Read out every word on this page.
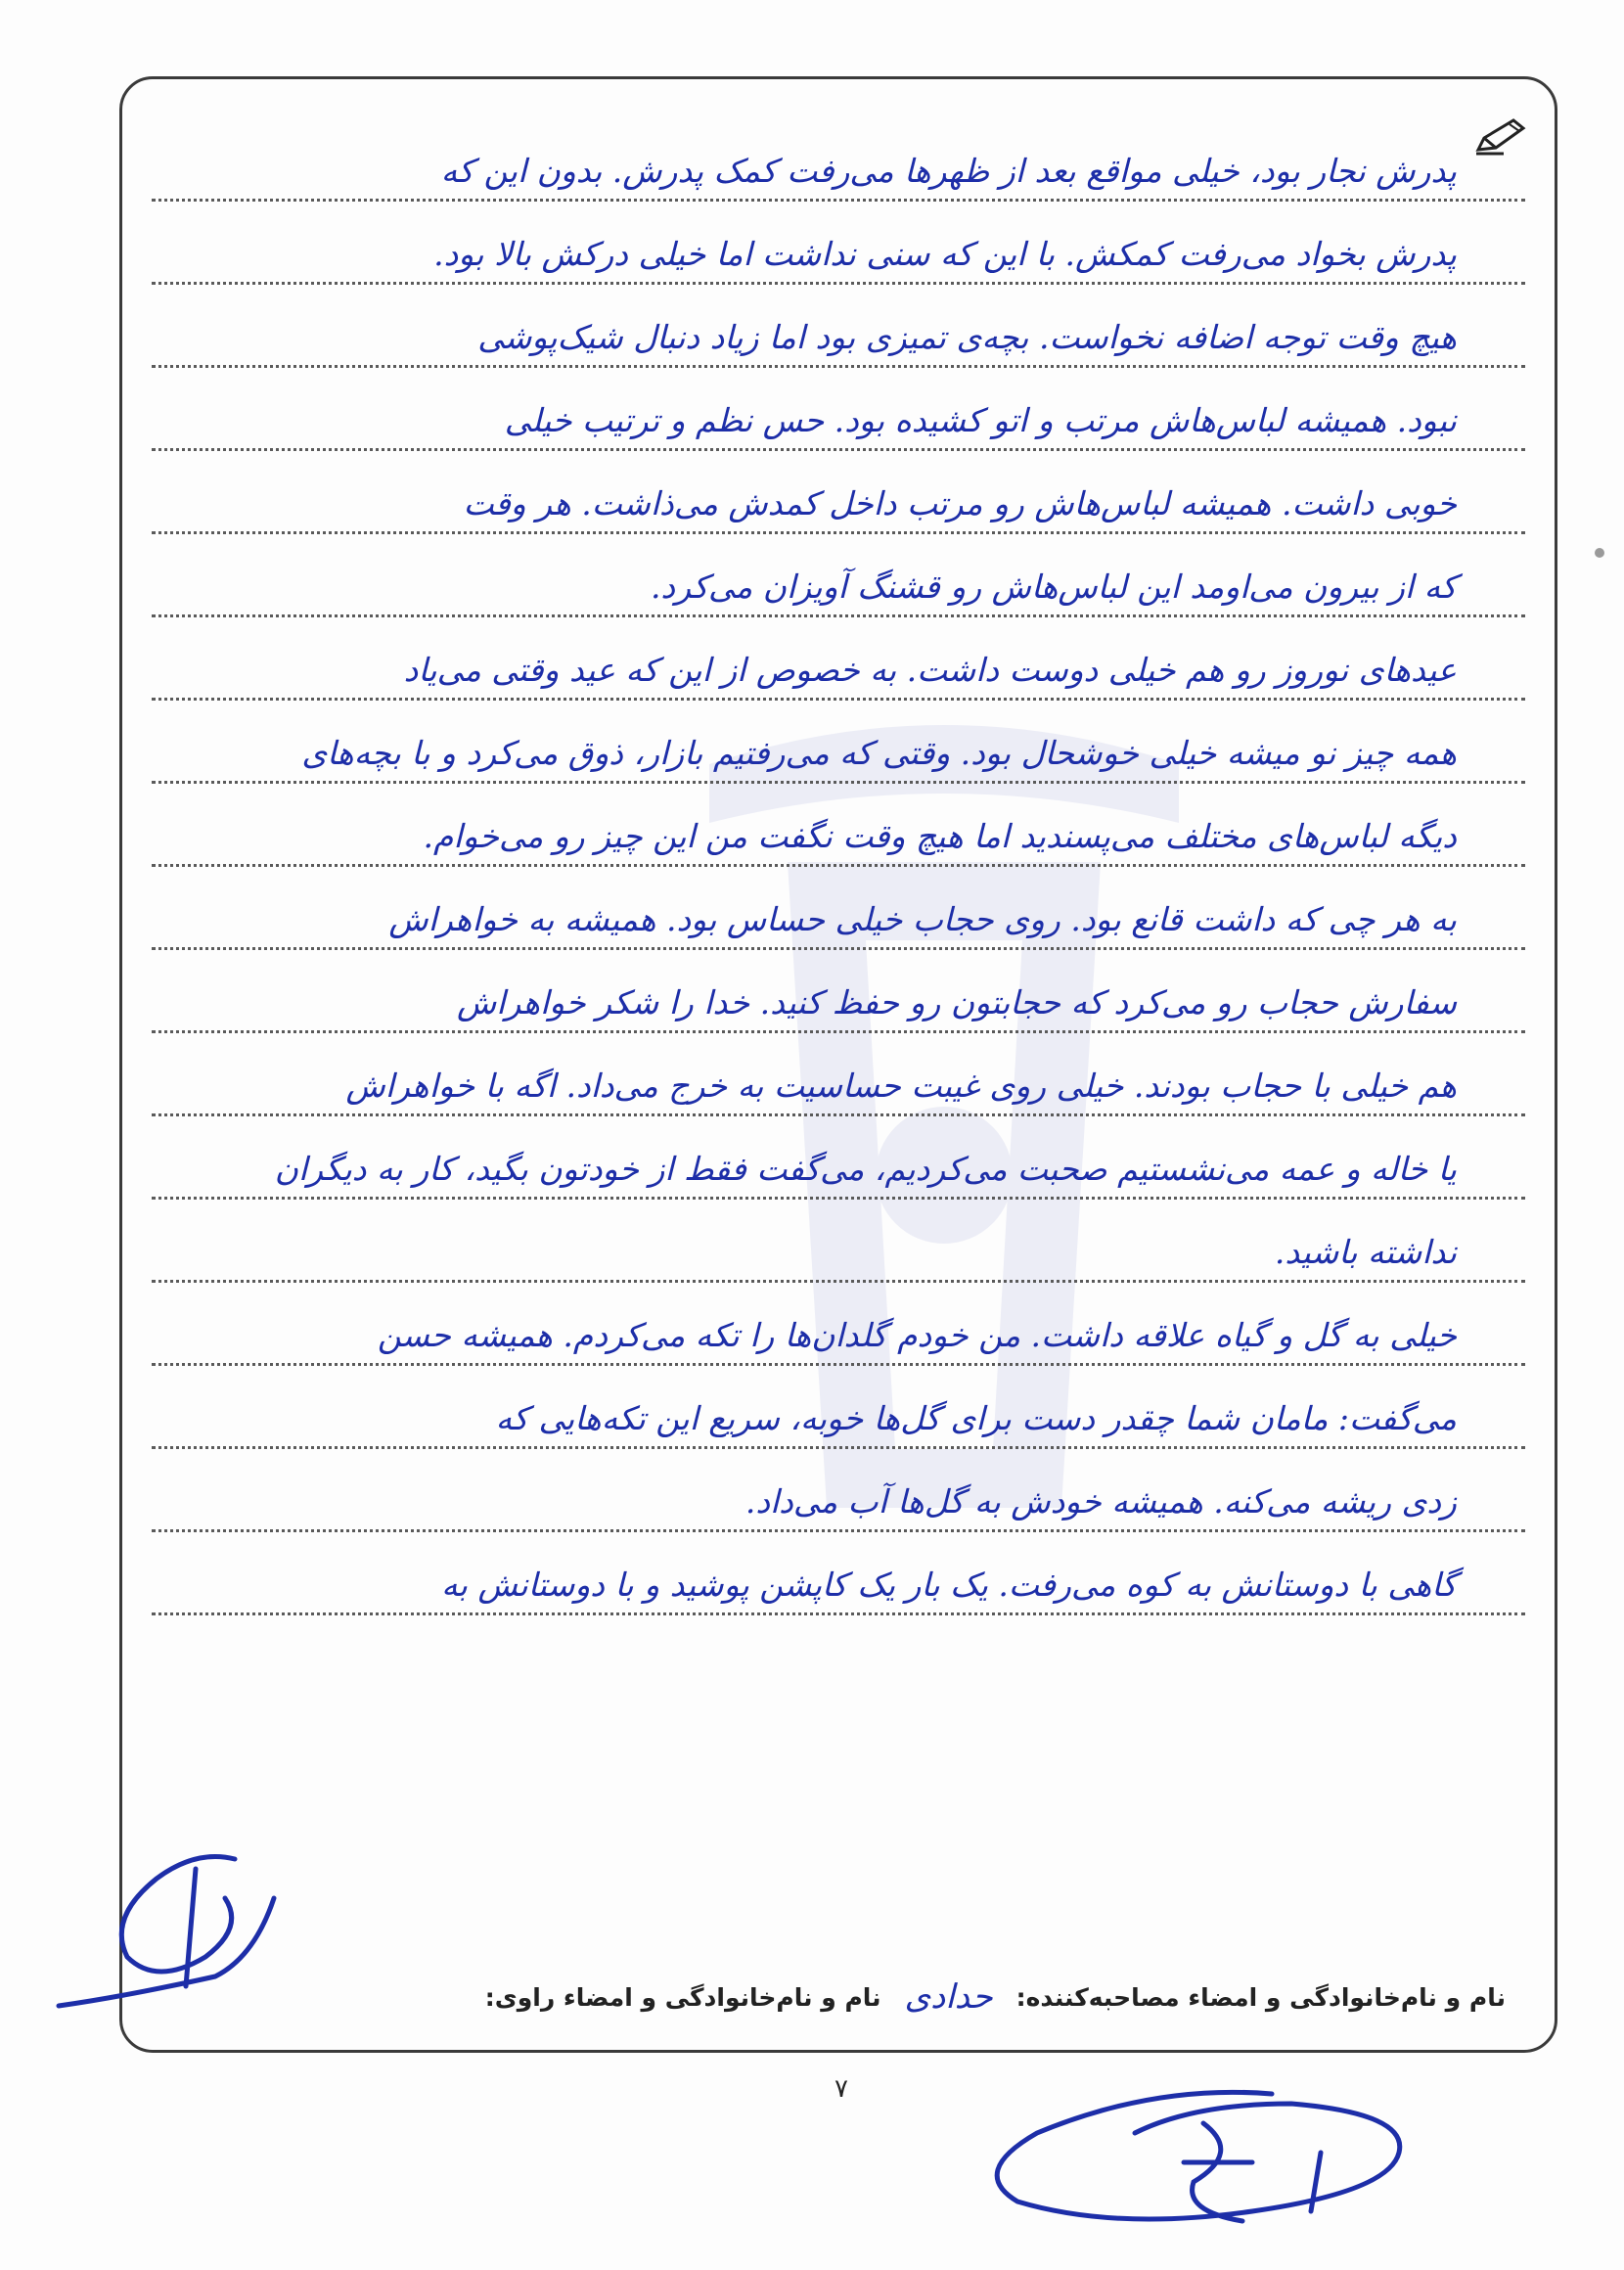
پدرش نجار بود، خیلی مواقع بعد از ظهرها می‌رفت کمک پدرش. بدون این که
پدرش بخواد می‌رفت کمکش. با این که سنی نداشت اما خیلی درکش بالا بود.
هیچ وقت توجه اضافه نخواست. بچه‌ی تمیزی بود اما زیاد دنبال شیک‌پوشی
نبود. همیشه لباس‌هاش مرتب و اتو کشیده بود. حس نظم و ترتیب خیلی
خوبی داشت. همیشه لباس‌هاش رو مرتب داخل کمدش می‌ذاشت. هر وقت
که از بیرون می‌اومد این لباس‌هاش رو قشنگ آویزان می‌کرد.
عیدهای نوروز رو هم خیلی دوست داشت. به خصوص از این که عید وقتی می‌یاد
همه چیز نو میشه خیلی خوشحال بود. وقتی که می‌رفتیم بازار، ذوق می‌کرد و با بچه‌های
دیگه لباس‌های مختلف می‌پسندید اما هیچ وقت نگفت من این چیز رو می‌خوام.
به هر چی که داشت قانع بود. روی حجاب خیلی حساس بود. همیشه به خواهراش
سفارش حجاب رو می‌کرد که حجابتون رو حفظ کنید. خدا را شکر خواهراش
هم خیلی با حجاب بودند. خیلی روی غیبت حساسیت به خرج می‌داد. اگه با خواهراش
یا خاله و عمه می‌نشستیم صحبت می‌کردیم، می‌گفت فقط از خودتون بگید، کار به دیگران
نداشته باشید.
خیلی به گل و گیاه علاقه داشت. من خودم گلدان‌ها را تکه می‌کردم. همیشه حسن
می‌گفت: مامان شما چقدر دست برای گل‌ها خوبه، سریع این تکه‌هایی که
زدی ریشه می‌کنه. همیشه خودش به گل‌ها آب می‌داد.
گاهی با دوستانش به کوه می‌رفت. یک بار یک کاپشن پوشید و با دوستانش به
نام و نام‌خانوادگی و امضاء مصاحبه‌کننده:
حدادی
نام و نام‌خانوادگی و امضاء راوی:
۷
